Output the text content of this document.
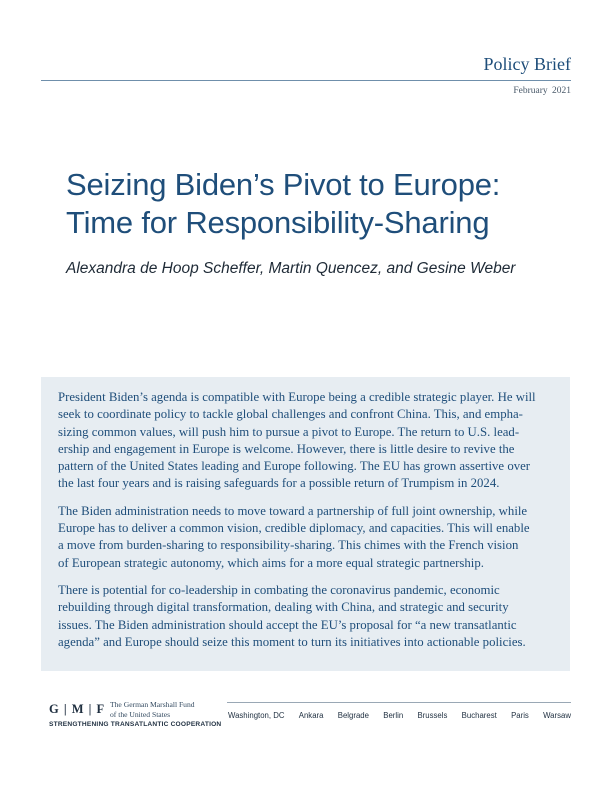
Policy Brief
February 2021
Seizing Biden’s Pivot to Europe:
Time for Responsibility-Sharing
Alexandra de Hoop Scheffer, Martin Quencez, and Gesine Weber

President Biden’s agenda is compatible with Europe being a credible strategic player. He will
seek to coordinate policy to tackle global challenges and confront China. This, and empha-
sizing common values, will push him to pursue a pivot to Europe. The return to U.S. lead-
ership and engagement in Europe is welcome. However, there is little desire to revive the
pattern of the United States leading and Europe following. The EU has grown assertive over
the last four years and is raising safeguards for a possible return of Trumpism in 2024.

The Biden administration needs to move toward a partnership of full joint ownership, while
Europe has to deliver a common vision, credible diplomacy, and capacities. This will enable
a move from burden-sharing to responsibility-sharing. This chimes with the French vision
of European strategic autonomy, which aims for a more equal strategic partnership.

There is potential for co-leadership in combating the coronavirus pandemic, economic
rebuilding through digital transformation, dealing with China, and strategic and security
issues. The Biden administration should accept the EU’s proposal for “a new transatlantic
agenda” and Europe should seize this moment to turn its initiatives into actionable policies.

G | M | F The German Marshall Fund
of the United States
STRENGTHENING TRANSATLANTIC COOPERATION
Washington, DC Ankara Belgrade Berlin Brussels Bucharest Paris Warsaw
